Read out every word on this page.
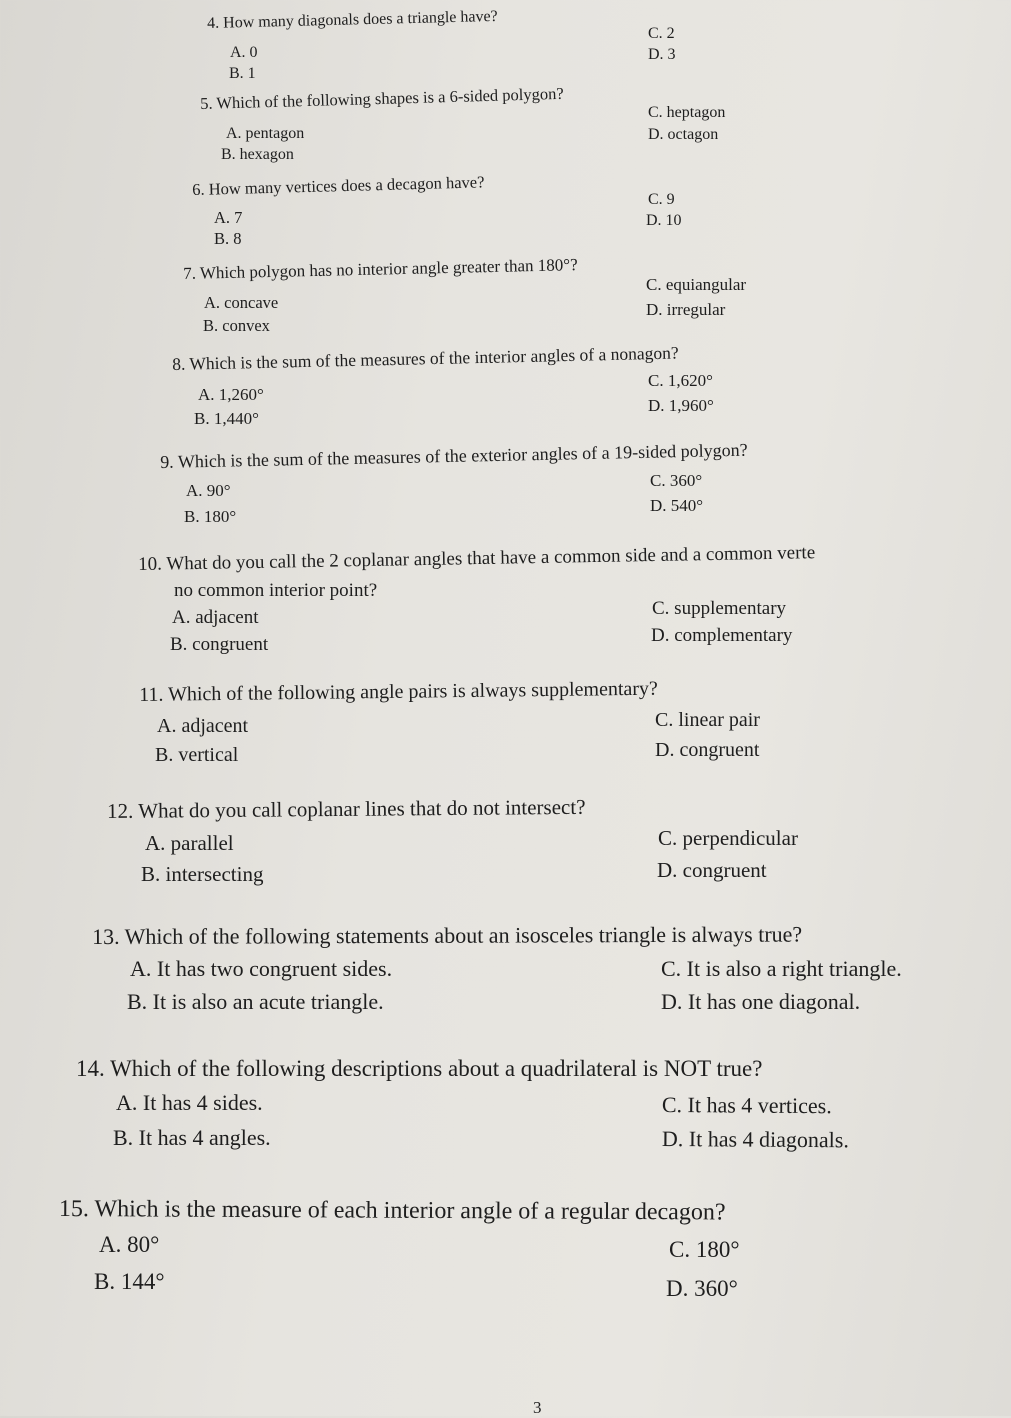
4. How many diagonals does a triangle have?
A. 0
B. 1
C. 2
D. 3
5. Which of the following shapes is a 6-sided polygon?
A. pentagon
B. hexagon
C. heptagon
D. octagon
6. How many vertices does a decagon have?
A. 7
B. 8
C. 9
D. 10
7. Which polygon has no interior angle greater than 180°?
A. concave
B. convex
C. equiangular
D. irregular
8. Which is the sum of the measures of the interior angles of a nonagon?
A. 1,260°
B. 1,440°
C. 1,620°
D. 1,960°
9. Which is the sum of the measures of the exterior angles of a 19-sided polygon?
A. 90°
B. 180°
C. 360°
D. 540°
10. What do you call the 2 coplanar angles that have a common side and a common verte
no common interior point?
A. adjacent
B. congruent
C. supplementary
D. complementary
11. Which of the following angle pairs is always supplementary?
A. adjacent
B. vertical
C. linear pair
D. congruent
12. What do you call coplanar lines that do not intersect?
A. parallel
B. intersecting
C. perpendicular
D. congruent
13. Which of the following statements about an isosceles triangle is always true?
A. It has two congruent sides.
B. It is also an acute triangle.
C. It is also a right triangle.
D. It has one diagonal.
14. Which of the following descriptions about a quadrilateral is NOT true?
A. It has 4 sides.
B. It has 4 angles.
C. It has 4 vertices.
D. It has 4 diagonals.
15. Which is the measure of each interior angle of a regular decagon?
A. 80°
B. 144°
C. 180°
D. 360°
3
